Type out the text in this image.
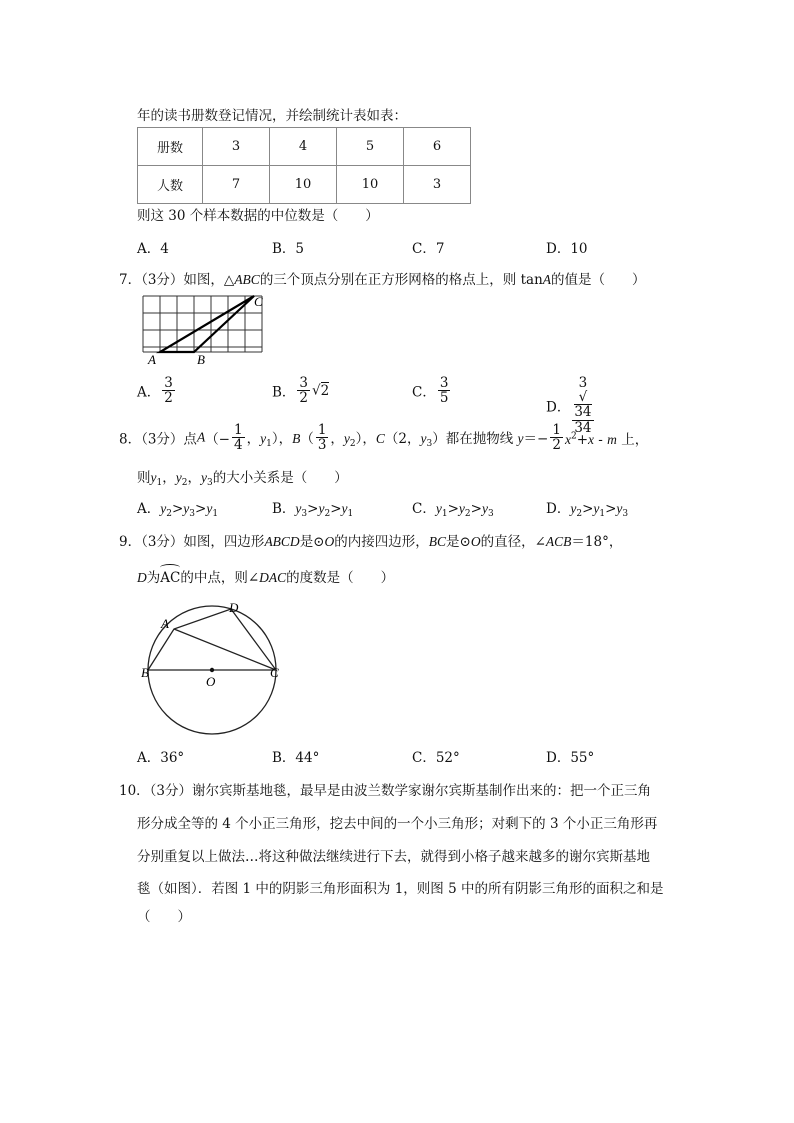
年的读书册数登记情况，并绘制统计表如表：
册数	3	4	5	6
人数	7	10	10	3
则这 30 个样本数据的中位数是（　　）
A．4	B．5	C．7	D．10
7．（3分）如图，△ABC的三个顶点分别在正方形网格的格点上，则 tanA的值是（　　）
A	B
C
A． $\frac{3}{2}$	B． $\frac{3}{2} √2$	C． $\frac{3}{5}$
D． 3
√
34
34
8．（3分）点$A(- \frac{1}{4}$ ，$y_1$），$B( \frac{1}{3}$ ，$y_2$），C（2，$y_3$）都在抛物线 $y=- \frac{1}{2} x^2+x - m$ 上，
则$y_1$，$y_2$，$y_3$的大小关系是（　　）
A．$y_2>y_3>y_1$	B．$y_3>y_2>y_1$	C．$y_1>y_2>y_3$	D．$y_2>y_1>y_3$
9．（3分）如图，四边形ABCD是⊙O的内接四边形，BC是⊙O的直径，∠ACB＝18°，
D为
AC的中点，则∠DAC的度数是（　　）
A
D
B	C
O
A．36°	B．44°	C．52°	D．55°
10．（3分）谢尔宾斯基地毯，最早是由波兰数学家谢尔宾斯基制作出来的：把一个正三角
形分成全等的 4 个小正三角形，挖去中间的一个小三角形；对剩下的 3 个小正三角形再
分别重复以上做法…将这种做法继续进行下去，就得到小格子越来越多的谢尔宾斯基地
毯（如图）．若图 1 中的阴影三角形面积为 1，则图 5 中的所有阴影三角形的面积之和是
（　　）
